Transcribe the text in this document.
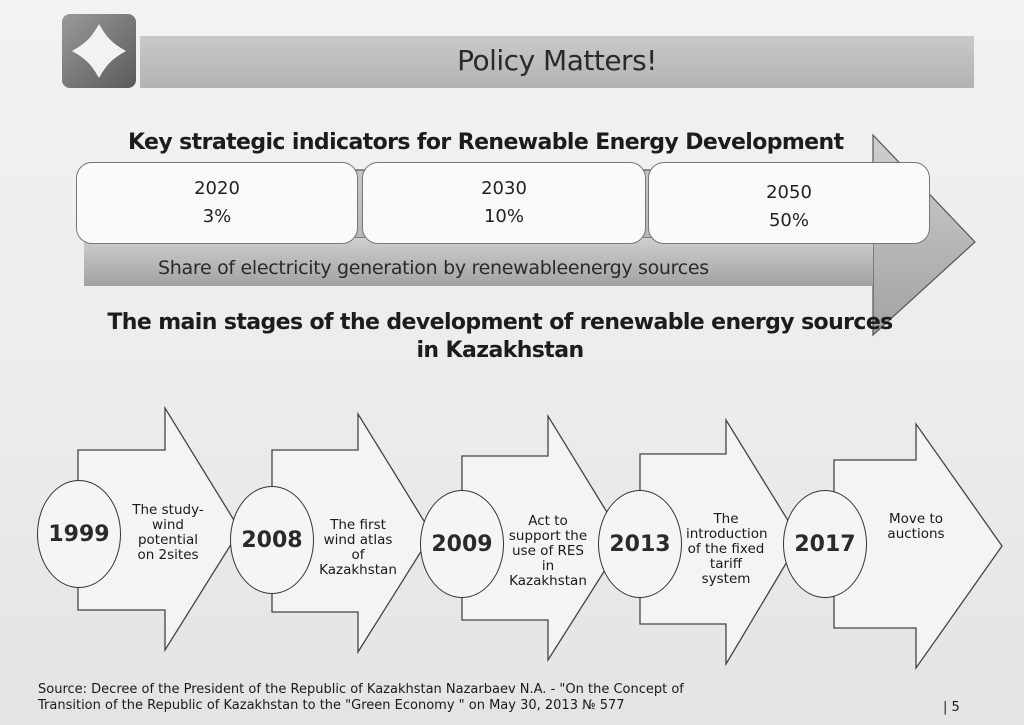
Policy Matters!
Key strategic indicators for Renewable Energy Development
2020
3%
2030
10%
2050
50%
Share of electricity generation by renewableenergy sources
The main stages of the development of renewable energy sources
in Kazakhstan
1999
The study-wind potential on 2sites
2008
The first wind atlas of Kazakhstan
2009
Act to support the use of RES in Kazakhstan
2013
The introduction of the fixed tariff system
2017
Move to auctions
Source: Decree of the President of the Republic of Kazakhstan Nazarbaev N.A. - "On the Concept of
Transition of the Republic of Kazakhstan to the "Green Economy " on May 30, 2013 № 577	| 5
